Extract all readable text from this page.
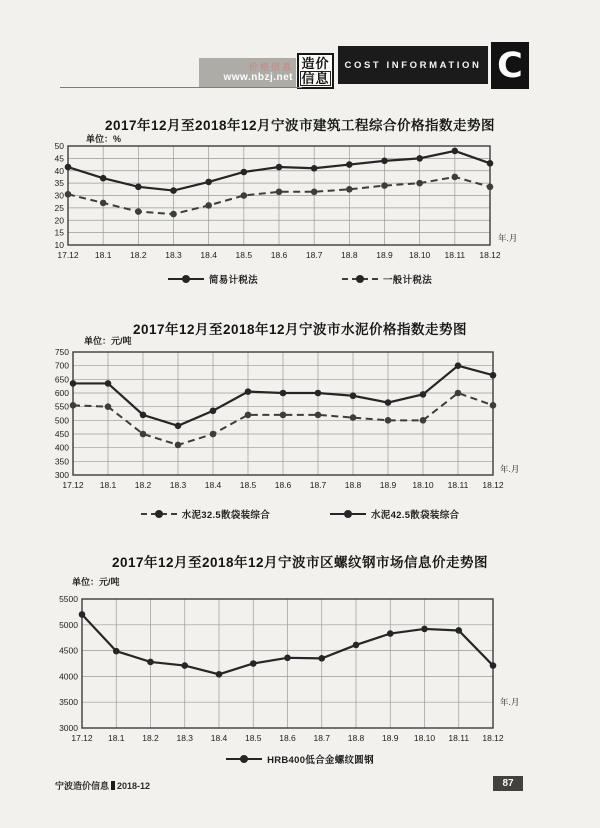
价格信息
www.nbzj.net
造价
信息
COST INFORMATION C
2017年12月至2018年12月宁波市建筑工程综合价格指数走势图
单位：%
10
15
20
25
30
35
40
45
50
17.12 18.1 18.2 18.3 18.4 18.5 18.6 18.7 18.8 18.9 18.10 18.11 18.12
年.月
简易计税法	一般计税法
2017年12月至2018年12月宁波市水泥价格指数走势图
单位：元/吨
300
350
400
450
500
550
600
650
700
750
17.12 18.1 18.2 18.3 18.4 18.5 18.6 18.7 18.8 18.9 18.10 18.11 18.12
年.月
水泥32.5散袋装综合	水泥42.5散袋装综合
2017年12月至2018年12月宁波市区螺纹钢市场信息价走势图
单位：元/吨
3000
3500
4000
4500
5000
5500
17.12 18.1 18.2 18.3 18.4 18.5 18.6 18.7 18.8 18.9 18.10 18.11 18.12
年.月
HRB400低合金螺纹圆钢
宁波造价信息 2018-12	87
